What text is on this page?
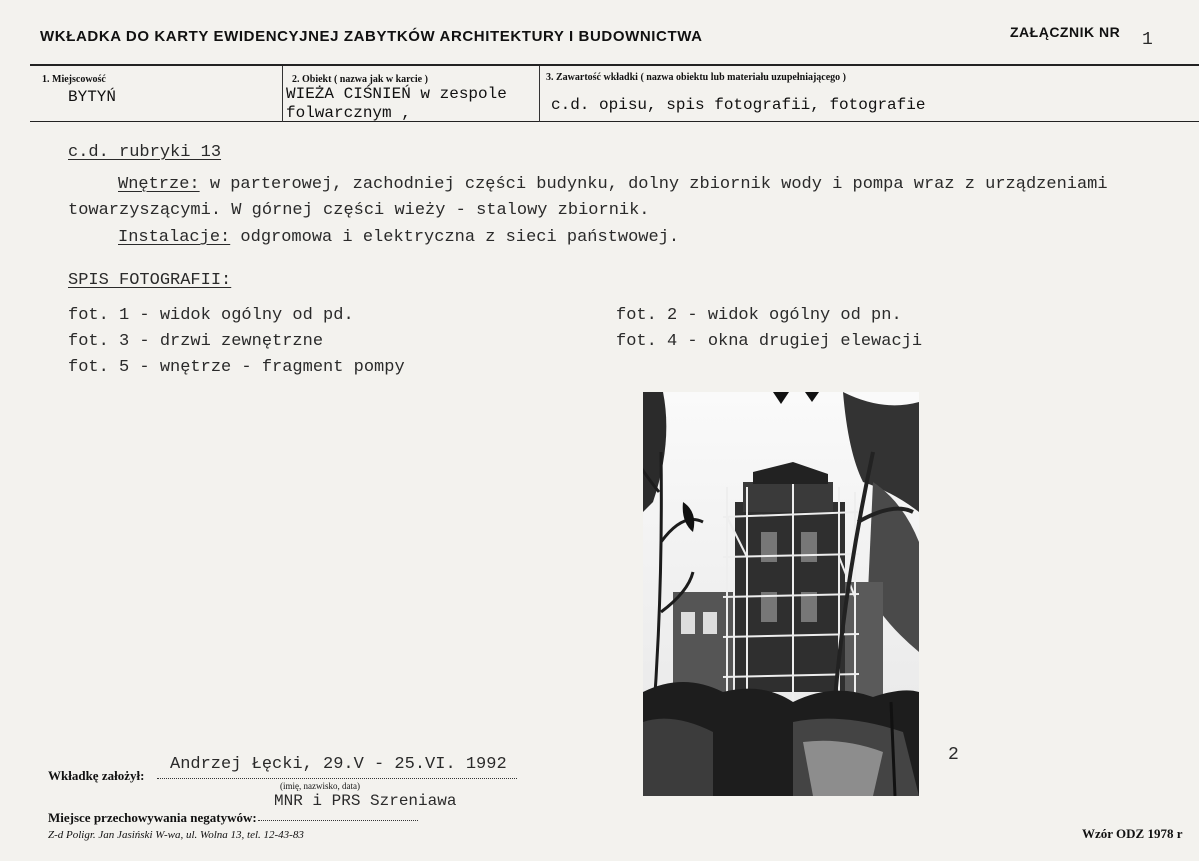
WKŁADKA DO KARTY EWIDENCYJNEJ ZABYTKÓW ARCHITEKTURY I BUDOWNICTWA	ZAŁĄCZNIK NR 1
1. Miejscowość
BYTYŃ
2. Obiekt ( nazwa jak w karcie )
WIEŻA CIŚNIEŃ w zespole
folwarcznym ,
3. Zawartość wkładki ( nazwa obiektu lub materiału uzupełniającego )
c.d. opisu, spis fotografii, fotografie
c.d. rubryki 13
Wnętrze: w parterowej, zachodniej części budynku, dolny zbiornik wody i pompa wraz z urządzeniami
towarzyszącymi. W górnej części wieży - stalowy zbiornik.
Instalacje: odgromowa i elektryczna z sieci państwowej.
SPIS FOTOGRAFII:
fot. 1 - widok ogólny od pd.
fot. 3 - drzwi zewnętrzne
fot. 5 - wnętrze - fragment pompy
fot. 2 - widok ogólny od pn.
fot. 4 - okna drugiej elewacji
2
Wkładkę założył:
Andrzej Łęcki, 29.V - 25.VI. 1992
(imię, nazwisko, data)
MNR i PRS Szreniawa
Miejsce przechowywania negatywów:
Z-d Poligr. Jan Jasiński W-wa, ul. Wolna 13, tel. 12-43-83	Wzór ODZ 1978 r
